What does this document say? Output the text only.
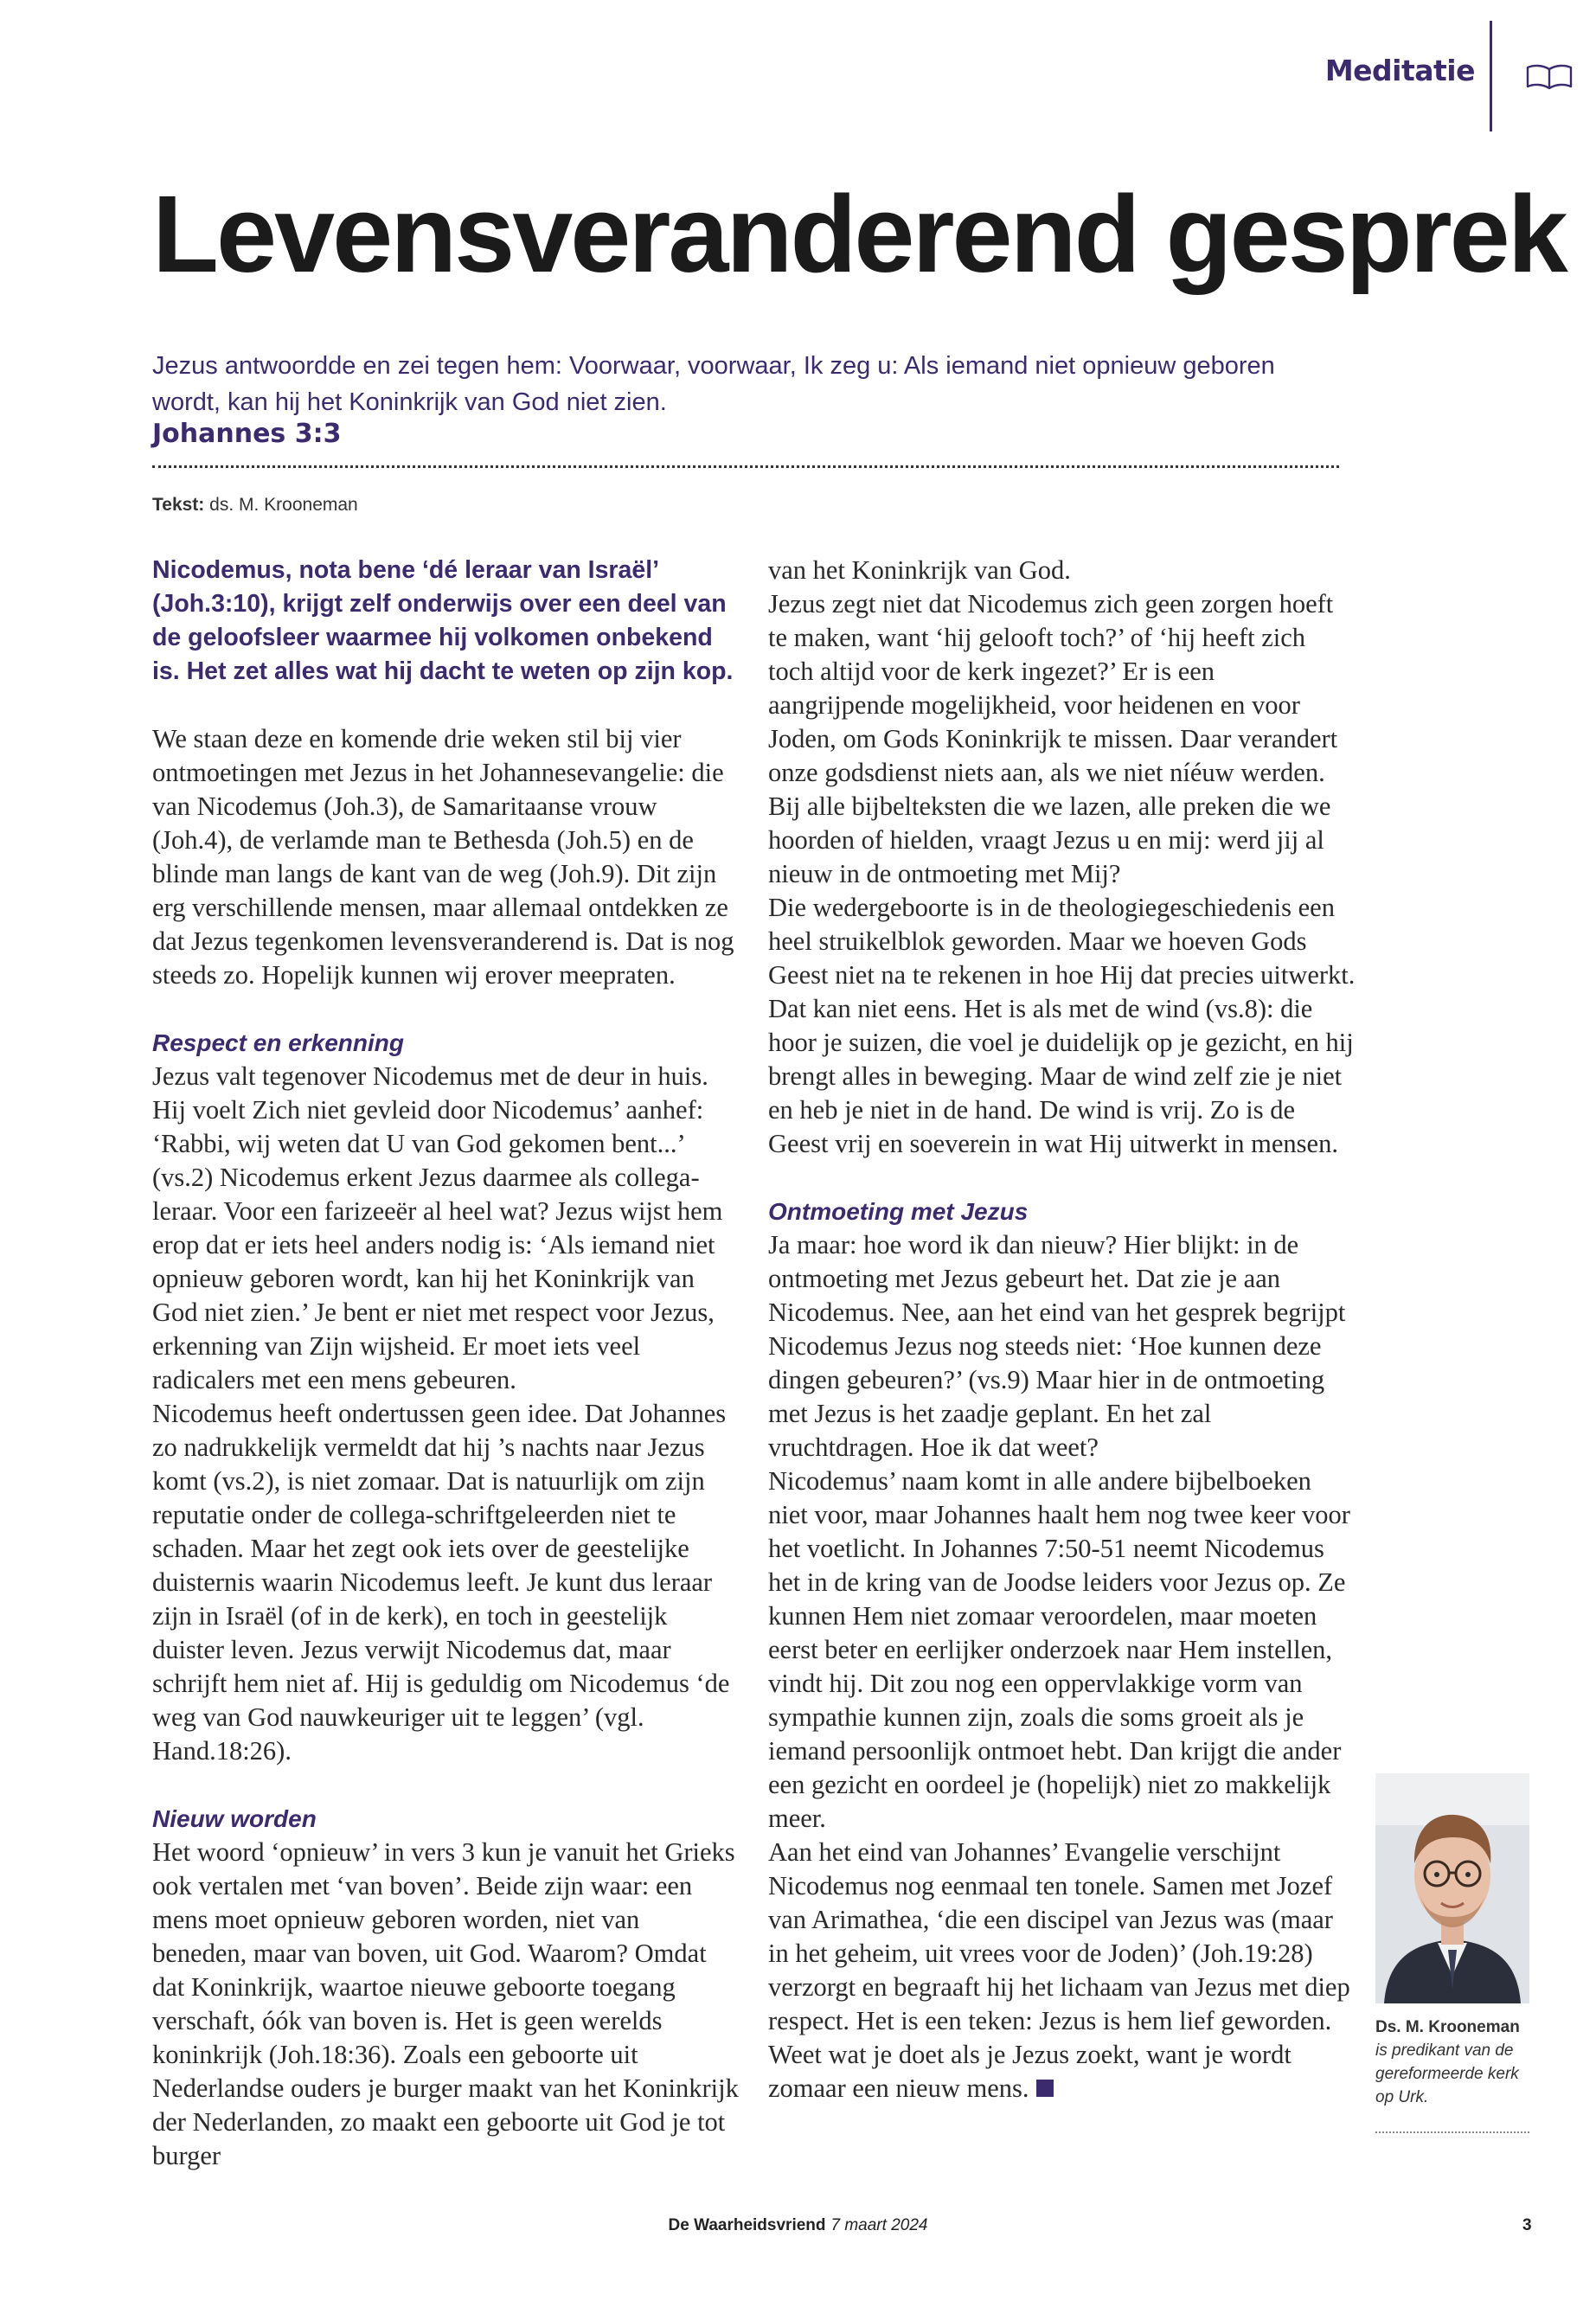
Meditatie
Levensveranderend gesprek

Jezus antwoordde en zei tegen hem: Voorwaar, voorwaar, Ik zeg u: Als iemand niet opnieuw geboren wordt, kan hij het Koninkrijk van God niet zien.

Johannes 3:3
Tekst: ds. M. Krooneman

Nicodemus, nota bene ‘dé leraar van Israël’ (Joh.3:10), krijgt zelf onderwijs over een deel van de geloofsleer waarmee hij volkomen onbekend is. Het zet alles wat hij dacht te weten op zijn kop.

We staan deze en komende drie weken stil bij vier ontmoetingen met Jezus in het Johannesevangelie: die van Nicodemus (Joh.3), de Samaritaanse vrouw (Joh.4), de verlamde man te Bethesda (Joh.5) en de blinde man langs de kant van de weg (Joh.9). Dit zijn erg verschillende mensen, maar allemaal ontdekken ze dat Jezus tegenkomen levensveranderend is. Dat is nog steeds zo. Hopelijk kunnen wij erover meepraten.

Respect en erkenning

Jezus valt tegenover Nicodemus met de deur in huis. Hij voelt Zich niet gevleid door Nicodemus’ aanhef: ‘Rabbi, wij weten dat U van God gekomen bent...’ (vs.2) Nicodemus erkent Jezus daarmee als collega-leraar. Voor een farizeeër al heel wat? Jezus wijst hem erop dat er iets heel anders nodig is: ‘Als iemand niet opnieuw geboren wordt, kan hij het Koninkrijk van God niet zien.’ Je bent er niet met respect voor Jezus, erkenning van Zijn wijsheid. Er moet iets veel radicalers met een mens gebeuren.

Nicodemus heeft ondertussen geen idee. Dat Johannes zo nadrukkelijk vermeldt dat hij ’s nachts naar Jezus komt (vs.2), is niet zomaar. Dat is natuurlijk om zijn reputatie onder de collega-schriftgeleerden niet te schaden. Maar het zegt ook iets over de geestelijke duisternis waarin Nicodemus leeft. Je kunt dus leraar zijn in Israël (of in de kerk), en toch in geestelijk duister leven. Jezus verwijt Nicodemus dat, maar schrijft hem niet af. Hij is geduldig om Nicodemus ‘de weg van God nauwkeuriger uit te leggen’ (vgl. Hand.18:26).

Nieuw worden

Het woord ‘opnieuw’ in vers 3 kun je vanuit het Grieks ook vertalen met ‘van boven’. Beide zijn waar: een mens moet opnieuw geboren worden, niet van beneden, maar van boven, uit God. Waarom? Omdat dat Koninkrijk, waartoe nieuwe geboorte toegang verschaft, óók van boven is. Het is geen werelds koninkrijk (Joh.18:36). Zoals een geboorte uit Nederlandse ouders je burger maakt van het Koninkrijk der Nederlanden, zo maakt een geboorte uit God je tot burger

van het Koninkrijk van God.

Jezus zegt niet dat Nicodemus zich geen zorgen hoeft te maken, want ‘hij gelooft toch?’ of ‘hij heeft zich toch altijd voor de kerk ingezet?’ Er is een aangrijpende mogelijkheid, voor heidenen en voor Joden, om Gods Koninkrijk te missen. Daar verandert onze godsdienst niets aan, als we niet níéuw werden. Bij alle bijbelteksten die we lazen, alle preken die we hoorden of hielden, vraagt Jezus u en mij: werd jij al nieuw in de ontmoeting met Mij?

Die wedergeboorte is in de theologiegeschiedenis een heel struikelblok geworden. Maar we hoeven Gods Geest niet na te rekenen in hoe Hij dat precies uitwerkt. Dat kan niet eens. Het is als met de wind (vs.8): die hoor je suizen, die voel je duidelijk op je gezicht, en hij brengt alles in beweging. Maar de wind zelf zie je niet en heb je niet in de hand. De wind is vrij. Zo is de Geest vrij en soeverein in wat Hij uitwerkt in mensen.

Ontmoeting met Jezus

Ja maar: hoe word ik dan nieuw? Hier blijkt: in de ontmoeting met Jezus gebeurt het. Dat zie je aan Nicodemus. Nee, aan het eind van het gesprek begrijpt Nicodemus Jezus nog steeds niet: ‘Hoe kunnen deze dingen gebeuren?’ (vs.9) Maar hier in de ontmoeting met Jezus is het zaadje geplant. En het zal vruchtdragen. Hoe ik dat weet?

Nicodemus’ naam komt in alle andere bijbelboeken niet voor, maar Johannes haalt hem nog twee keer voor het voetlicht. In Johannes 7:50-51 neemt Nicodemus het in de kring van de Joodse leiders voor Jezus op. Ze kunnen Hem niet zomaar veroordelen, maar moeten eerst beter en eerlijker onderzoek naar Hem instellen, vindt hij. Dit zou nog een oppervlakkige vorm van sympathie kunnen zijn, zoals die soms groeit als je iemand persoonlijk ontmoet hebt. Dan krijgt die ander een gezicht en oordeel je (hopelijk) niet zo makkelijk meer.

Aan het eind van Johannes’ Evangelie verschijnt Nicodemus nog eenmaal ten tonele. Samen met Jozef van Arimathea, ‘die een discipel van Jezus was (maar in het geheim, uit vrees voor de Joden)’ (Joh.19:28) verzorgt en begraaft hij het lichaam van Jezus met diep respect. Het is een teken: Jezus is hem lief geworden. Weet wat je doet als je Jezus zoekt, want je wordt zomaar een nieuw mens.

Ds. M. Krooneman
is predikant van de gereformeerde kerk op Urk.
De Waarheidsvriend 7 maart 2024	3
